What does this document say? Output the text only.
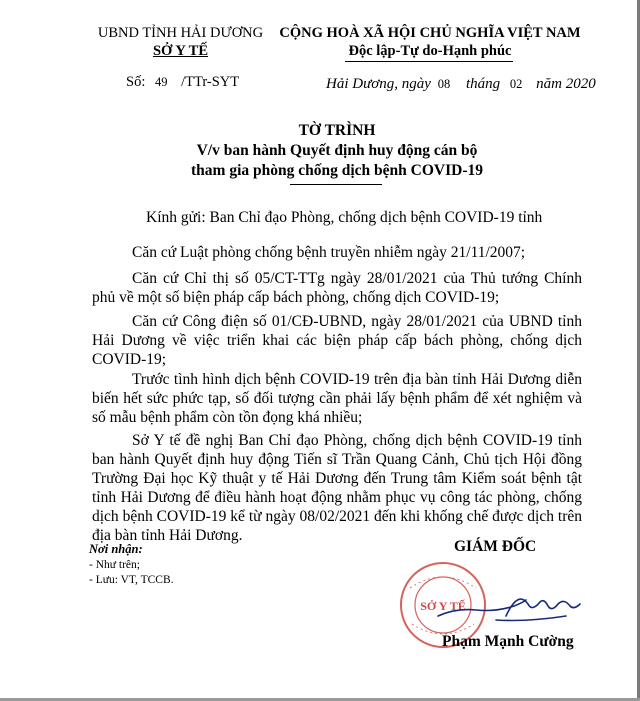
UBND TỈNH HẢI DƯƠNG
SỞ Y TẾ
CỘNG HOÀ XÃ HỘI CHỦ NGHĨA VIỆT NAM
Độc lập-Tự do-Hạnh phúc
Số: 49 /TTr-SYT	Hải Dương, ngày 08 tháng 02 năm 2020
TỜ TRÌNH
V/v ban hành Quyết định huy động cán bộ
tham gia phòng chống dịch bệnh COVID-19
Kính gửi: Ban Chỉ đạo Phòng, chống dịch bệnh COVID-19 tỉnh
Căn cứ Luật phòng chống bệnh truyền nhiễm ngày 21/11/2007;
Căn cứ Chỉ thị số 05/CT-TTg ngày 28/01/2021 của Thủ tướng Chính phủ về một số biện pháp cấp bách phòng, chống dịch COVID-19;
Căn cứ Công điện số 01/CĐ-UBND, ngày 28/01/2021 của UBND tỉnh Hải Dương về việc triển khai các biện pháp cấp bách phòng, chống dịch COVID-19;
Trước tình hình dịch bệnh COVID-19 trên địa bàn tỉnh Hải Dương diễn biến hết sức phức tạp, số đối tượng cần phải lấy bệnh phẩm để xét nghiệm và số mẫu bệnh phẩm còn tồn đọng khá nhiều;
Sở Y tế đề nghị Ban Chỉ đạo Phòng, chống dịch bệnh COVID-19 tỉnh ban hành Quyết định huy động Tiến sĩ Trần Quang Cảnh, Chủ tịch Hội đồng Trường Đại học Kỹ thuật y tế Hải Dương đến Trung tâm Kiểm soát bệnh tật tỉnh Hải Dương để điều hành hoạt động nhằm phục vụ công tác phòng, chống dịch bệnh COVID-19 kể từ ngày 08/02/2021 đến khi khống chế được dịch trên địa bàn tỉnh Hải Dương.
Nơi nhận:
- Như trên;
- Lưu: VT, TCCB.
GIÁM ĐỐC
SỞ Y TẾ
Phạm Mạnh Cường
